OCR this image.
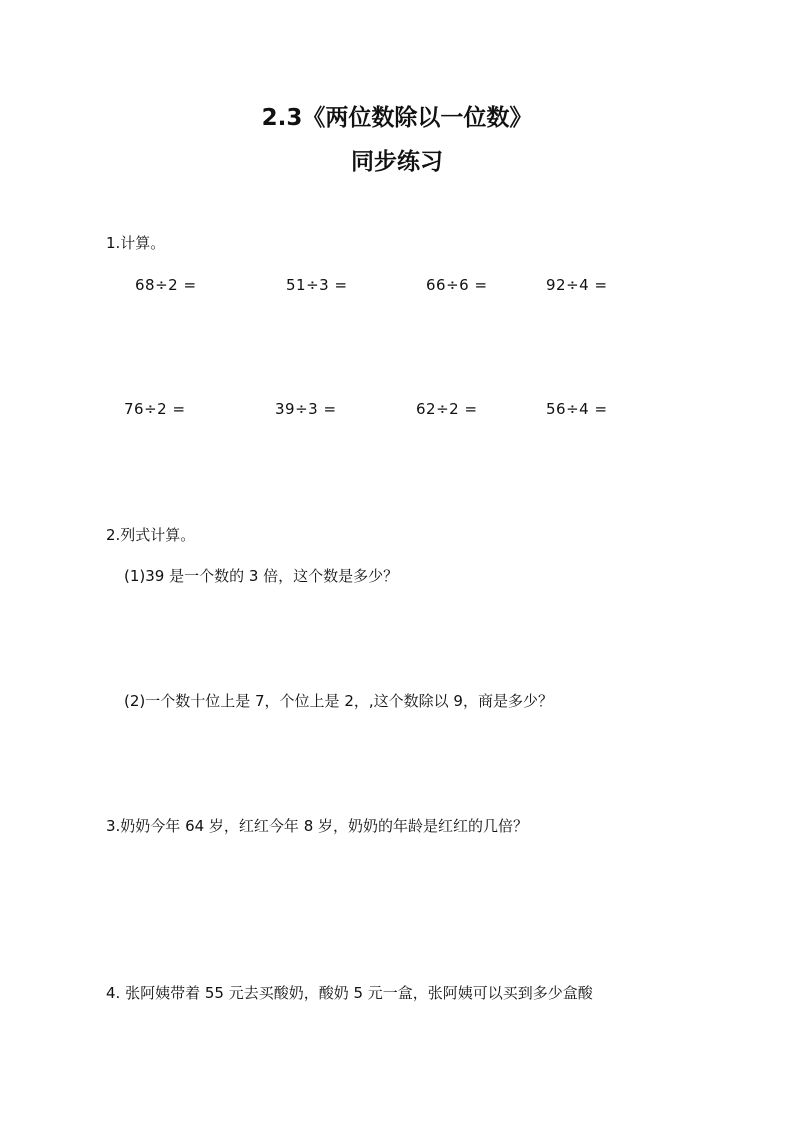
2.3《两位数除以一位数》
同步练习
1.计算。
68÷2 =	51÷3 =	66÷6 =	92÷4 =
76÷2 =	39÷3 =	62÷2 =	56÷4 =
2.列式计算。
(1)39 是一个数的 3 倍，这个数是多少？
(2)一个数十位上是 7，个位上是 2，,这个数除以 9，商是多少？
3.奶奶今年 64 岁，红红今年 8 岁，奶奶的年龄是红红的几倍？
4. 张阿姨带着 55 元去买酸奶，酸奶 5 元一盒，张阿姨可以买到多少盒酸
